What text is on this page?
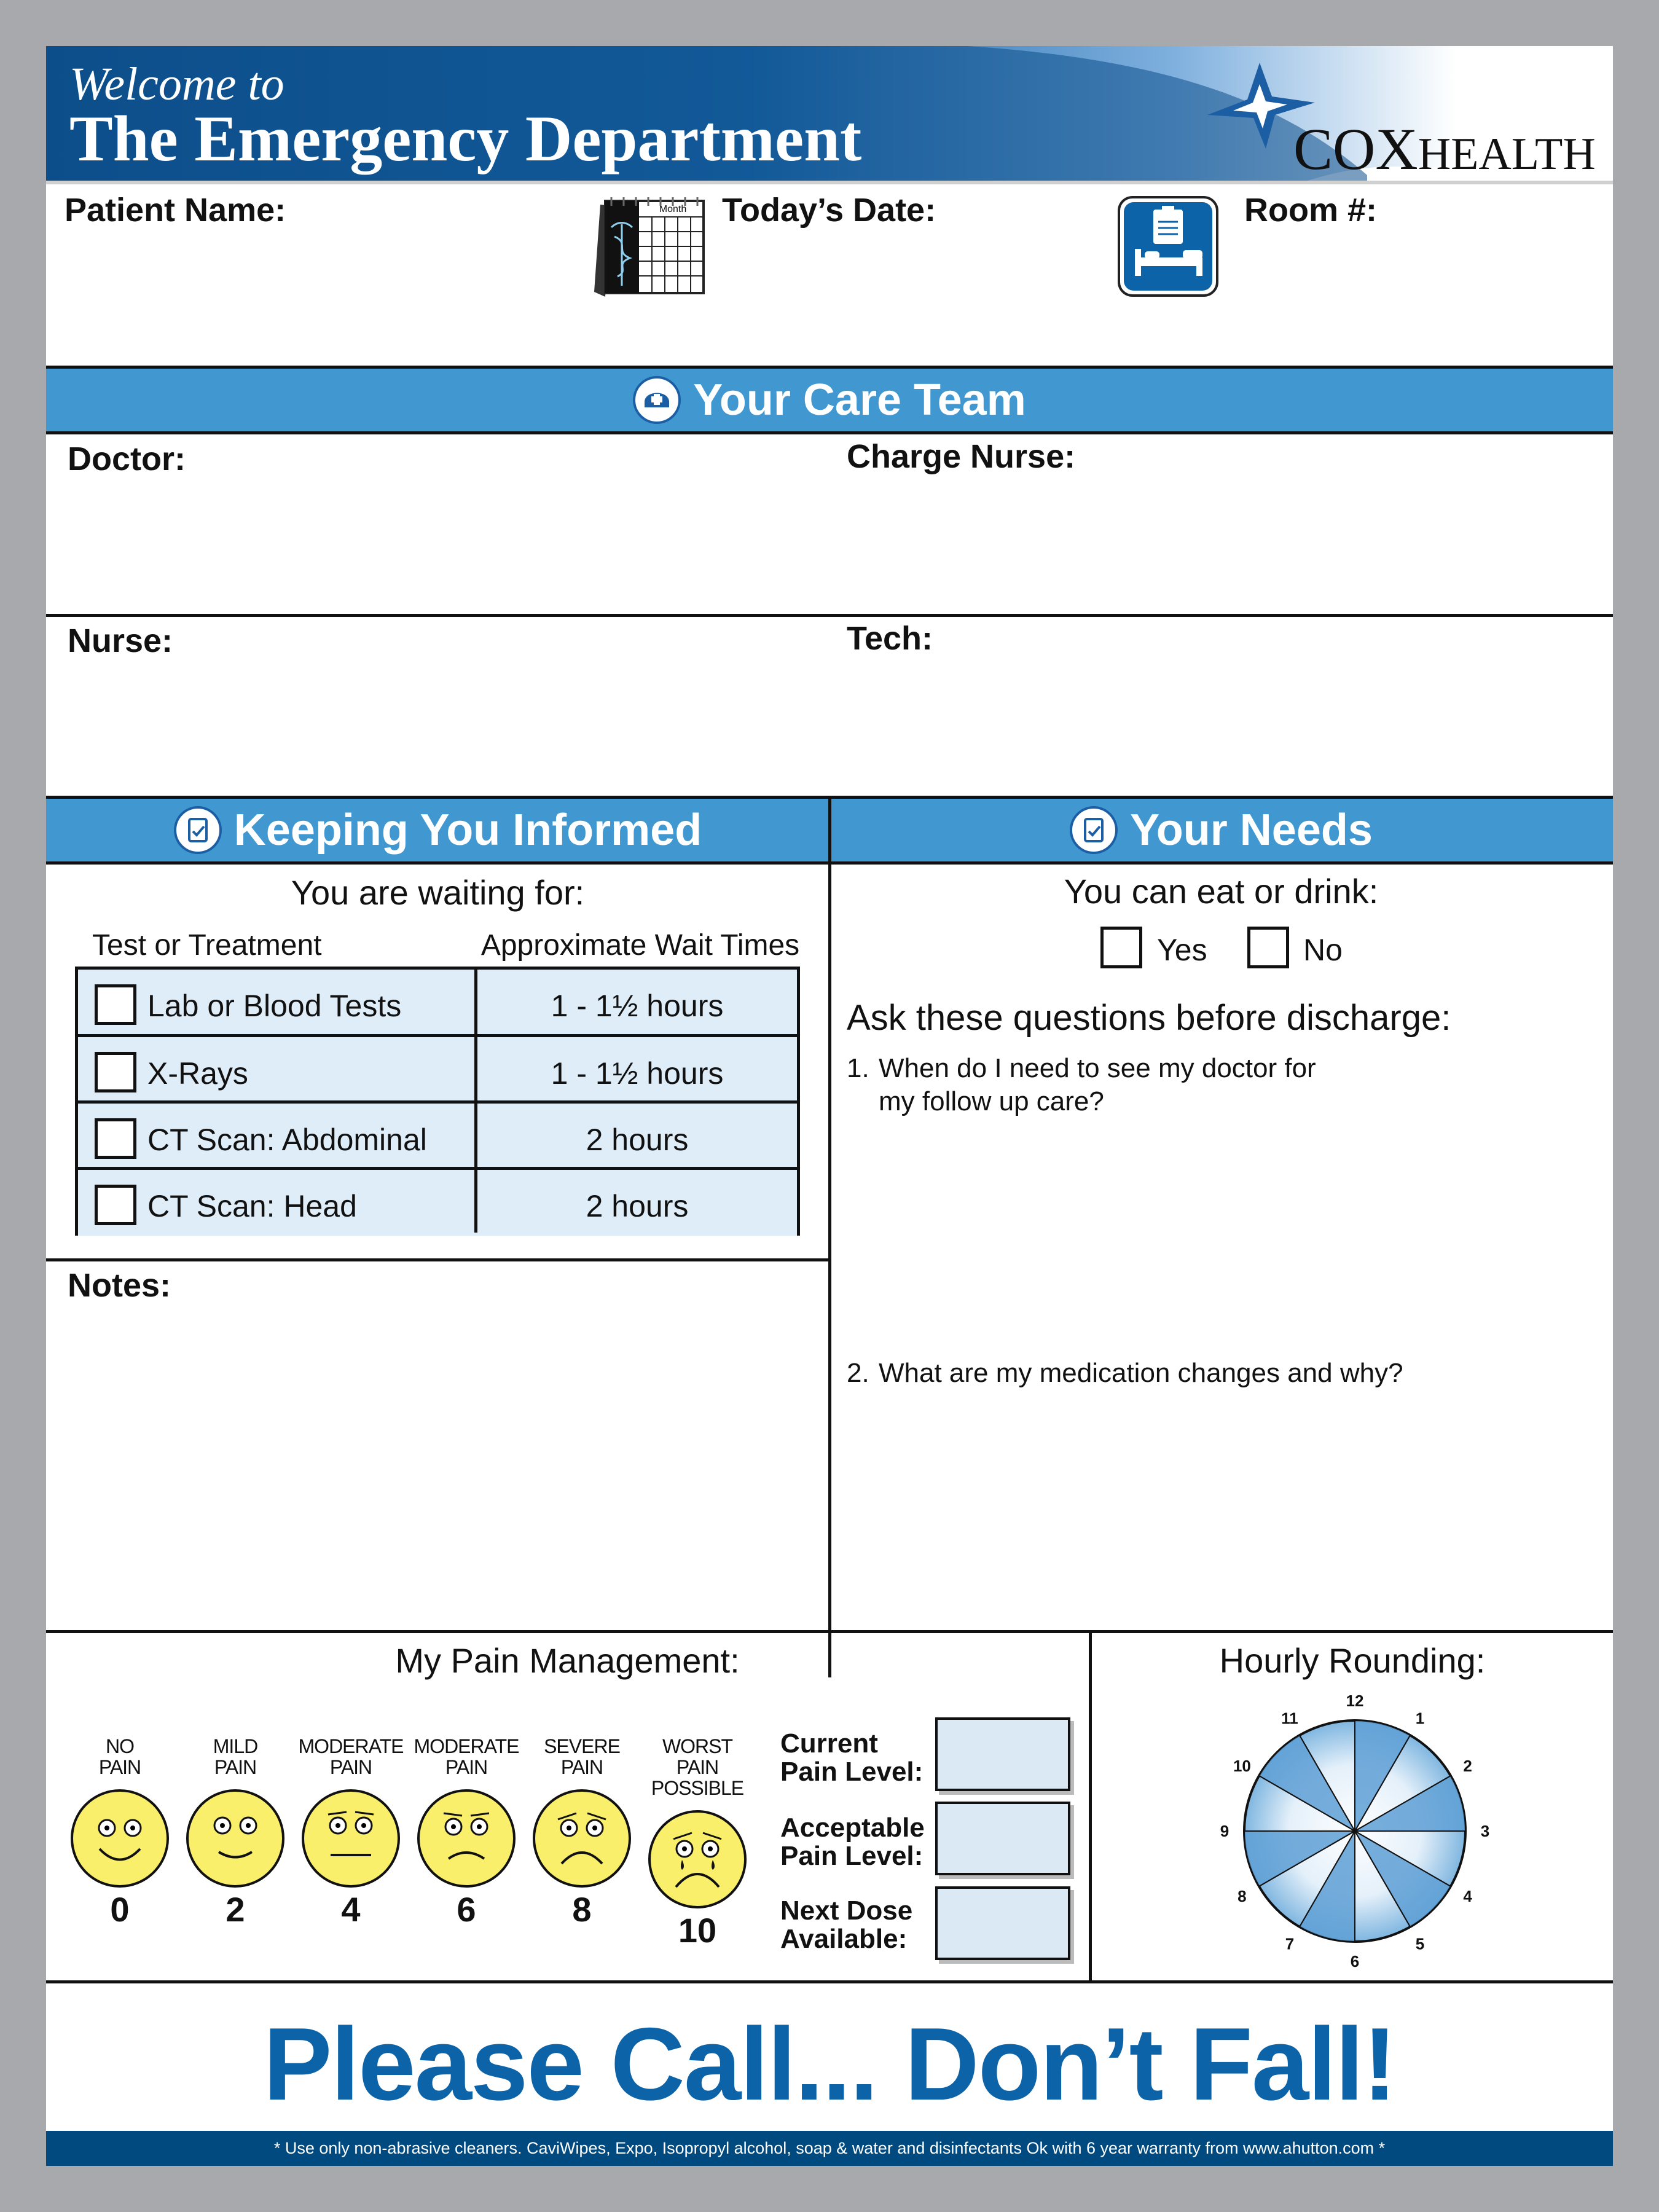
Welcome to
The Emergency Department	COXHEALTH
Patient Name:	Month Today’s Date:	Room #:
Your Care Team
Doctor:	Charge Nurse:
Nurse:	Tech:
Keeping You Informed	Your Needs
You are waiting for:
Test or Treatment	Approximate Wait Times
Lab or Blood Tests	1 - 1½ hours
X-Rays	1 - 1½ hours
CT Scan: Abdominal	2 hours
CT Scan: Head	2 hours
Notes:
You can eat or drink:
Yes	No
Ask these questions before discharge:
1. When do I need to see my doctor for
my follow up care?
2. What are my medication changes and why?
My Pain Management:
NO
PAIN
0
MILD
PAIN
2
MODERATE
PAIN
4
MODERATE
PAIN
6
SEVERE
PAIN
8
WORST
PAIN POSSIBLE
10
Current
Pain Level:
Acceptable
Pain Level:
Next Dose
Available:
Hourly Rounding:
12
1
2
3
4
5
6
7
8
9
10
11
Please Call... Don’t Fall!
* Use only non-abrasive cleaners. CaviWipes, Expo, Isopropyl alcohol, soap & water and disinfectants Ok with 6 year warranty from www.ahutton.com *
